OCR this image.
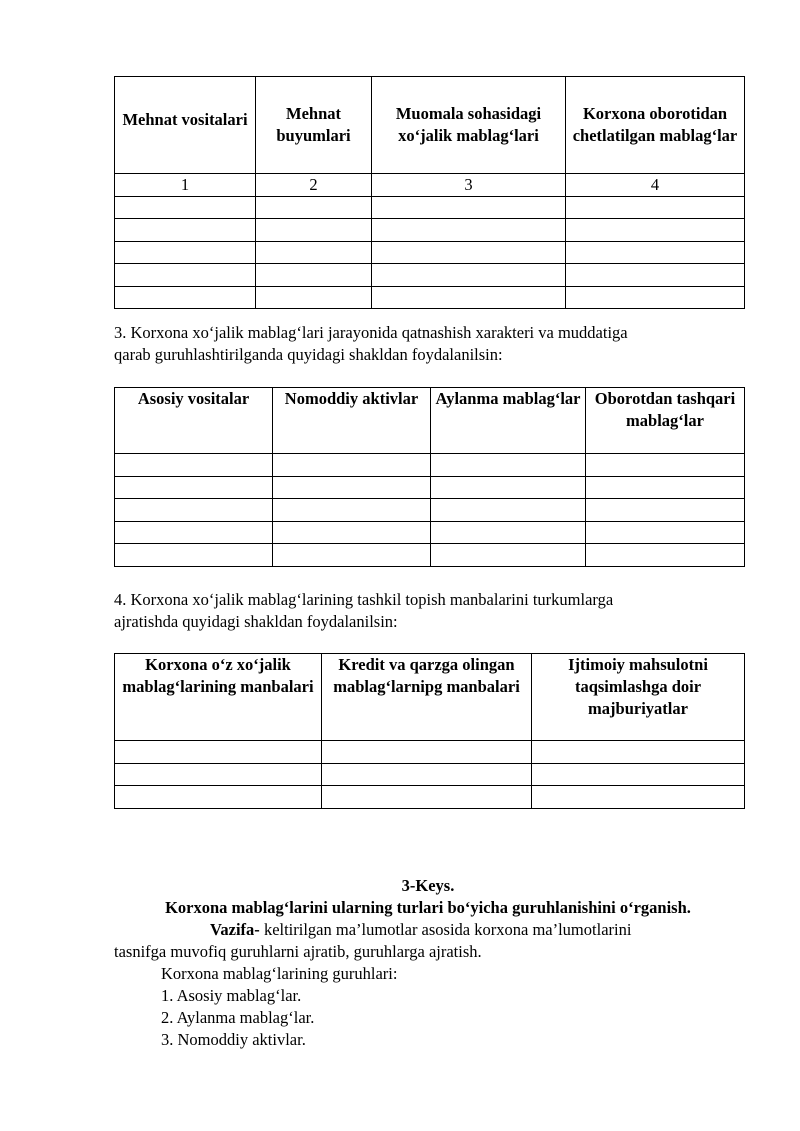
Mehnat vositalari	Mehnat buyumlari	Muomala sohasidagi xo‘jalik mablag‘lari	Korxona oborotidan chetlatilgan mablag‘lar
1	2	3	4

3. Korxona xo‘jalik mablag‘lari jarayonida qatnashish xarakteri va muddatiga
qarab guruhlashtirilganda quyidagi shakldan foydalanilsin:

Asosiy vositalar	Nomoddiy aktivlar	Aylanma mablag‘lar	Oborotdan tashqari mablag‘lar

4. Korxona xo‘jalik mablag‘larining tashkil topish manbalarini turkumlarga
ajratishda quyidagi shakldan foydalanilsin:

Korxona o‘z xo‘jalik mablag‘larining manbalari	Kredit va qarzga olingan mablag‘larnipg manbalari	Ijtimoiy mahsulotni taqsimlashga doir majburiyatlar

3-Keys.
Korxona mablag‘larini ularning turlari bo‘yicha guruhlanishini o‘rganish.

Vazifa- keltirilgan ma’lumotlar asosida korxona ma’lumotlarini
tasnifga muvofiq guruhlarni ajratib, guruhlarga ajratish.

Korxona mablag‘larining guruhlari:
1. Asosiy mablag‘lar.
2. Aylanma mablag‘lar.
3. Nomoddiy aktivlar.
